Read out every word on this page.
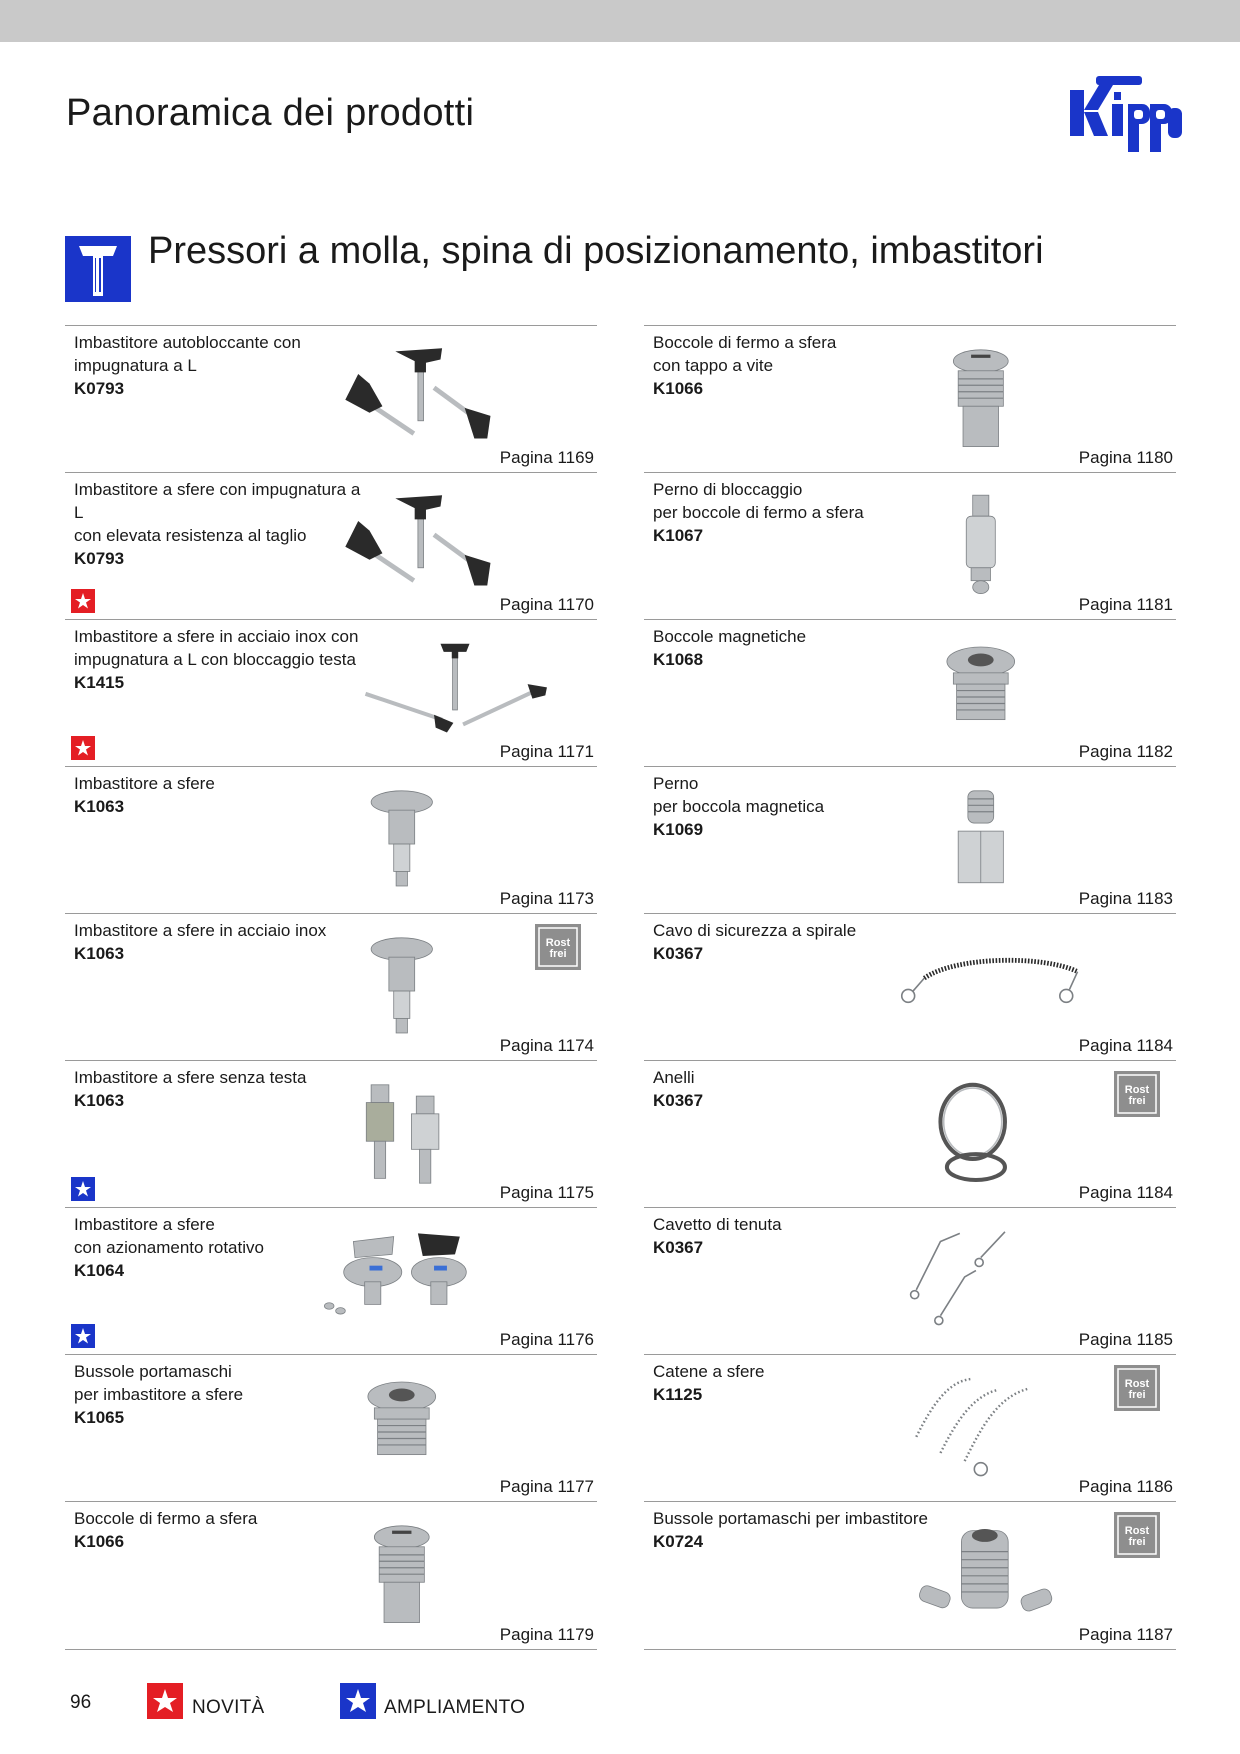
Panoramica dei prodotti
Pressori a molla, spina di posizionamento, imbastitori
Imbastitore autobloccante con
impugnatura a L
K0793
Pagina 1169
Imbastitore a sfere con impugnatura a L
con elevata resistenza al taglio
K0793
Pagina 1170
Imbastitore a sfere in acciaio inox con
impugnatura a L con bloccaggio testa
K1415
Pagina 1171
Imbastitore a sfere
K1063
Pagina 1173
Imbastitore a sfere in acciaio inox
K1063
Rost
frei
Pagina 1174
Imbastitore a sfere senza testa
K1063
Pagina 1175
Imbastitore a sfere
con azionamento rotativo
K1064
Pagina 1176
Bussole portamaschi
per imbastitore a sfere
K1065
Pagina 1177
Boccole di fermo a sfera
K1066
Pagina 1179
Boccole di fermo a sfera
con tappo a vite
K1066
Pagina 1180
Perno di bloccaggio
per boccole di fermo a sfera
K1067
Pagina 1181
Boccole magnetiche
K1068
Pagina 1182
Perno
per boccola magnetica
K1069
Pagina 1183
Cavo di sicurezza a spirale
K0367
Pagina 1184
Anelli
K0367
Rost
frei
Pagina 1184
Cavetto di tenuta
K0367
Pagina 1185
Catene a sfere
K1125
Rost
frei
Pagina 1186
Bussole portamaschi per imbastitore
K0724
Rost
frei
Pagina 1187
96	NOVITÀ	AMPLIAMENTO
